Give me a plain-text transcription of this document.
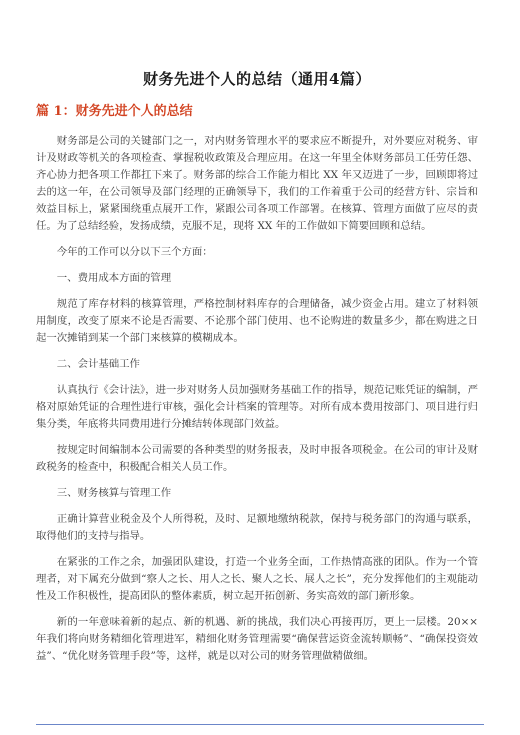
财务先进个人的总结（通用4篇）
篇 1：财务先进个人的总结

财务部是公司的关键部门之一，对内财务管理水平的要求应不断提升，对外要应对税务、审计及财政等机关的各项检查、掌握税收政策及合理应用。在这一年里全体财务部员工任劳任怨、齐心协力把各项工作都扛下来了。财务部的综合工作能力相比 XX 年又迈进了一步，回顾即将过去的这一年，在公司领导及部门经理的正确领导下，我们的工作着重于公司的经营方针、宗旨和效益目标上，紧紧围绕重点展开工作，紧跟公司各项工作部署。在核算、管理方面做了应尽的责任。为了总结经验，发扬成绩，克服不足，现将 XX 年的工作做如下简要回顾和总结。

今年的工作可以分以下三个方面：

一、费用成本方面的管理

规范了库存材料的核算管理，严格控制材料库存的合理储备，减少资金占用。建立了材料领用制度，改变了原来不论是否需要、不论那个部门使用、也不论购进的数量多少，都在购进之日起一次摊销到某一个部门来核算的模糊成本。

二、会计基础工作

认真执行《会计法》，进一步对财务人员加强财务基础工作的指导，规范记账凭证的编制，严格对原始凭证的合理性进行审核，强化会计档案的管理等。对所有成本费用按部门、项目进行归集分类，年底将共同费用进行分摊结转体现部门效益。

按规定时间编制本公司需要的各种类型的财务报表，及时申报各项税金。在公司的审计及财政税务的检查中，积极配合相关人员工作。

三、财务核算与管理工作

正确计算营业税金及个人所得税，及时、足额地缴纳税款，保持与税务部门的沟通与联系，取得他们的支持与指导。

在紧张的工作之余，加强团队建设，打造一个业务全面，工作热情高涨的团队。作为一个管理者，对下属充分做到“察人之长、用人之长、聚人之长、展人之长”，充分发挥他们的主观能动性及工作积极性，提高团队的整体素质，树立起开拓创新、务实高效的部门新形象。

新的一年意味着新的起点、新的机遇、新的挑战，我们决心再接再厉，更上一层楼。20××年我们将向财务精细化管理进军，精细化财务管理需要“确保营运资金流转顺畅”、“确保投资效益”、“优化财务管理手段”等，这样，就是以对公司的财务管理做精做细。
